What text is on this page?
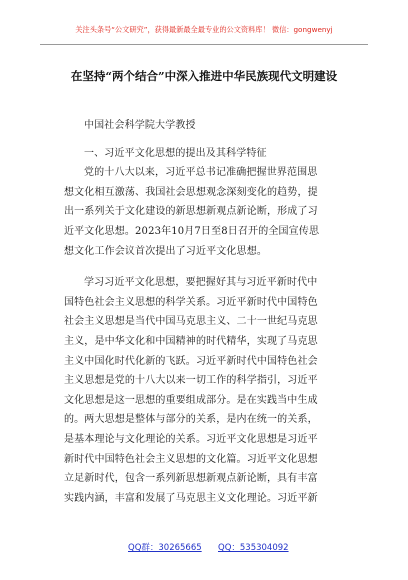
关注头条号“公文研究”，获得最新最全最专业的公文资料库！ 微信：gongwenyj
在坚持“两个结合”中深入推进中华民族现代文明建设
中国社会科学院大学教授
一、习近平文化思想的提出及其科学特征
党的十八大以来，习近平总书记准确把握世界范围思
想文化相互激荡、我国社会思想观念深刻变化的趋势，提
出一系列关于文化建设的新思想新观点新论断，形成了习
近平文化思想。2023年10月7日至8日召开的全国宣传思
想文化工作会议首次提出了习近平文化思想。
学习习近平文化思想，要把握好其与习近平新时代中
国特色社会主义思想的科学关系。习近平新时代中国特色
社会主义思想是当代中国马克思主义、二十一世纪马克思
主义，是中华文化和中国精神的时代精华，实现了马克思
主义中国化时代化新的飞跃。习近平新时代中国特色社会
主义思想是党的十八大以来一切工作的科学指引，习近平
文化思想是这一思想的重要组成部分。是在实践当中生成
的。两大思想是整体与部分的关系，是内在统一的关系，
是基本理论与文化理论的关系。习近平文化思想是习近平
新时代中国特色社会主义思想的文化篇。习近平文化思想
立足新时代，包含一系列新思想新观点新论断，具有丰富
实践内涵，丰富和发展了马克思主义文化理论。习近平新
QQ群：30265665 QQ：535304092
